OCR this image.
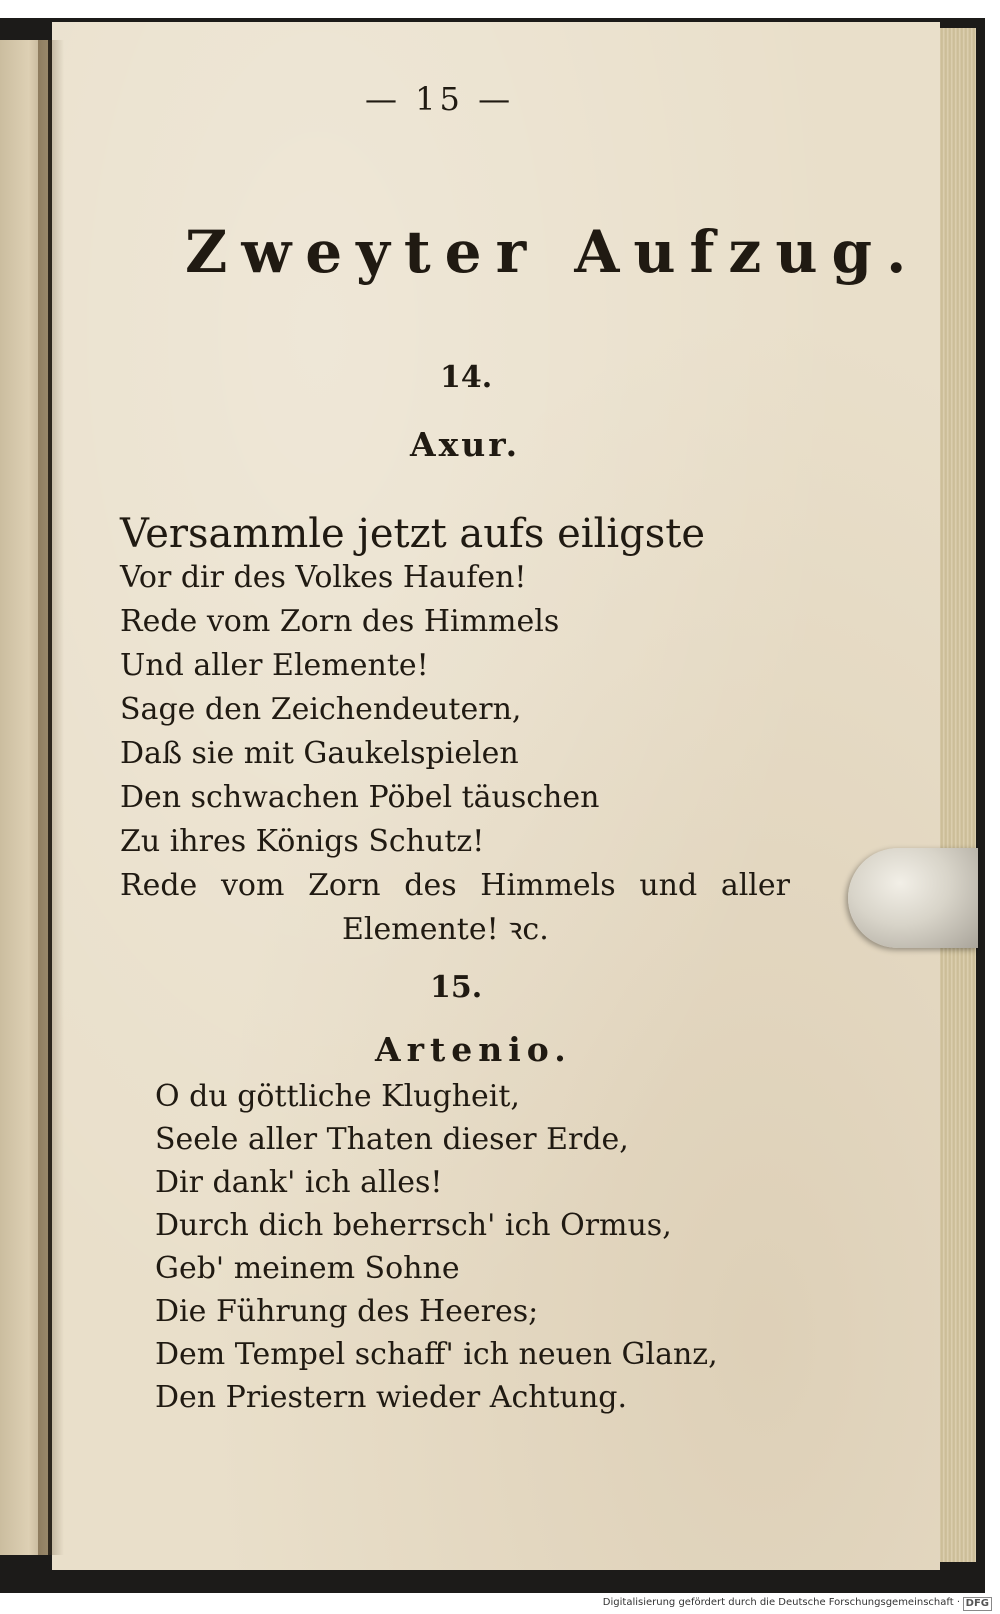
— 15 —
Zweyter Aufzug.
14.
Axur.
Versammle jetzt aufs eiligste
Vor dir des Volkes Haufen!
Rede vom Zorn des Himmels
Und aller Elemente!
Sage den Zeichendeutern,
Daß sie mit Gaukelspielen
Den schwachen Pöbel täuschen
Zu ihres Königs Schutz!
Rede vom Zorn des Himmels und aller
Elemente! ꝛc.
15.
Artenio.
O du göttliche Klugheit,
Seele aller Thaten dieser Erde,
Dir dank' ich alles!
Durch dich beherrsch' ich Ormus,
Geb' meinem Sohne
Die Führung des Heeres;
Dem Tempel schaff' ich neuen Glanz,
Den Priestern wieder Achtung.
Digitalisierung gefördert durch die Deutsche Forschungsgemeinschaft · DFG
